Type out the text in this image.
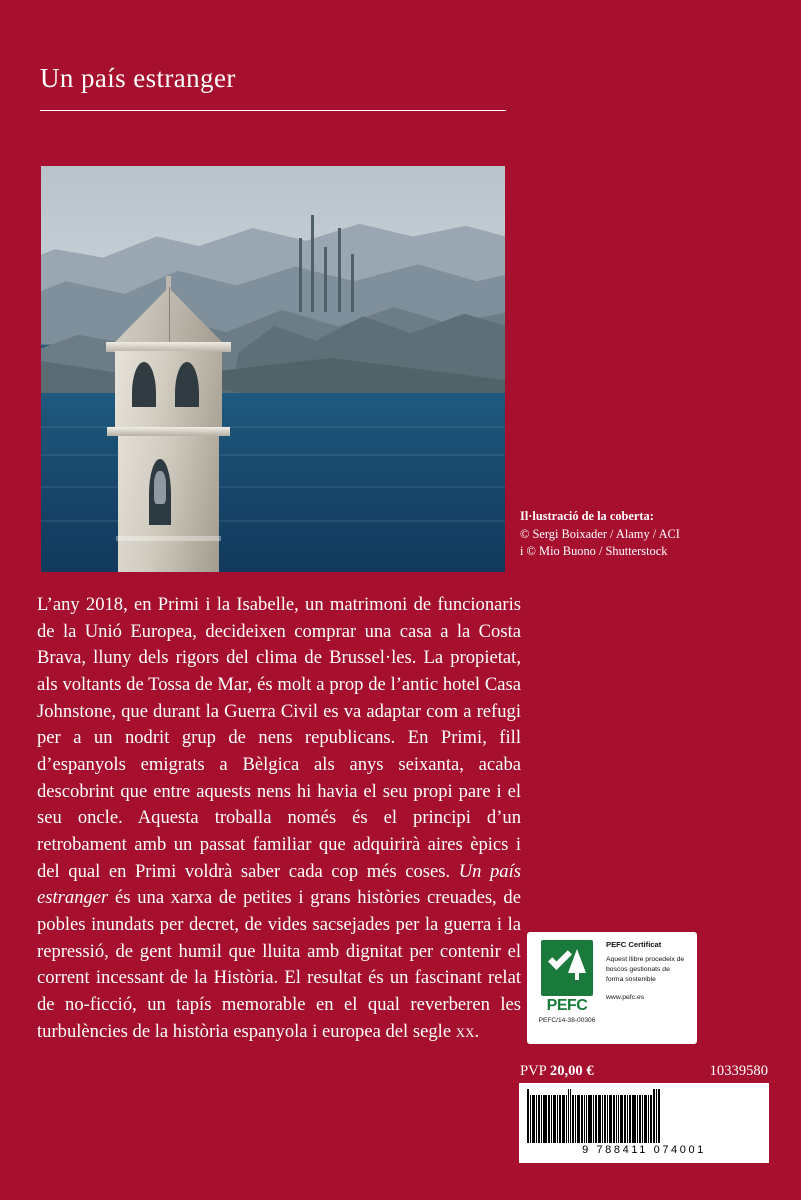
Un país estranger
Il·lustració de la coberta:
© Sergi Boixader / Alamy / ACI
i © Mio Buono / Shutterstock
L’any 2018, en Primi i la Isabelle, un matrimoni de funcionaris de la Unió Europea, decideixen comprar una casa a la Costa Brava, lluny dels rigors del clima de Brussel·les. La propietat, als voltants de Tossa de Mar, és molt a prop de l’antic hotel Casa Johnstone, que durant la Guerra Civil es va adaptar com a refugi per a un nodrit grup de nens republicans. En Primi, fill d’espanyols emigrats a Bèlgica als anys seixanta, acaba descobrint que entre aquests nens hi havia el seu propi pare i el seu oncle. Aquesta troballa només és el principi d’un retrobament amb un passat familiar que adquirirà aires èpics i del qual en Primi voldrà saber cada cop més coses. Un país estranger és una xarxa de petites i grans històries creuades, de pobles inundats per decret, de vides sacsejades per la guerra i la repressió, de gent humil que lluita amb dignitat per contenir el corrent incessant de la Història. El resultat és un fascinant relat de no-ficció, un tapís memorable en el qual reverberen les turbulències de la història espanyola i europea del segle xx.
PEFC
PEFC/14-38-00306
PEFC Certificat
Aquest llibre procedeix de boscos gestionats de forma sostenible
www.pefc.es
PVP 20,00 €	10339580
9 788411 074001
